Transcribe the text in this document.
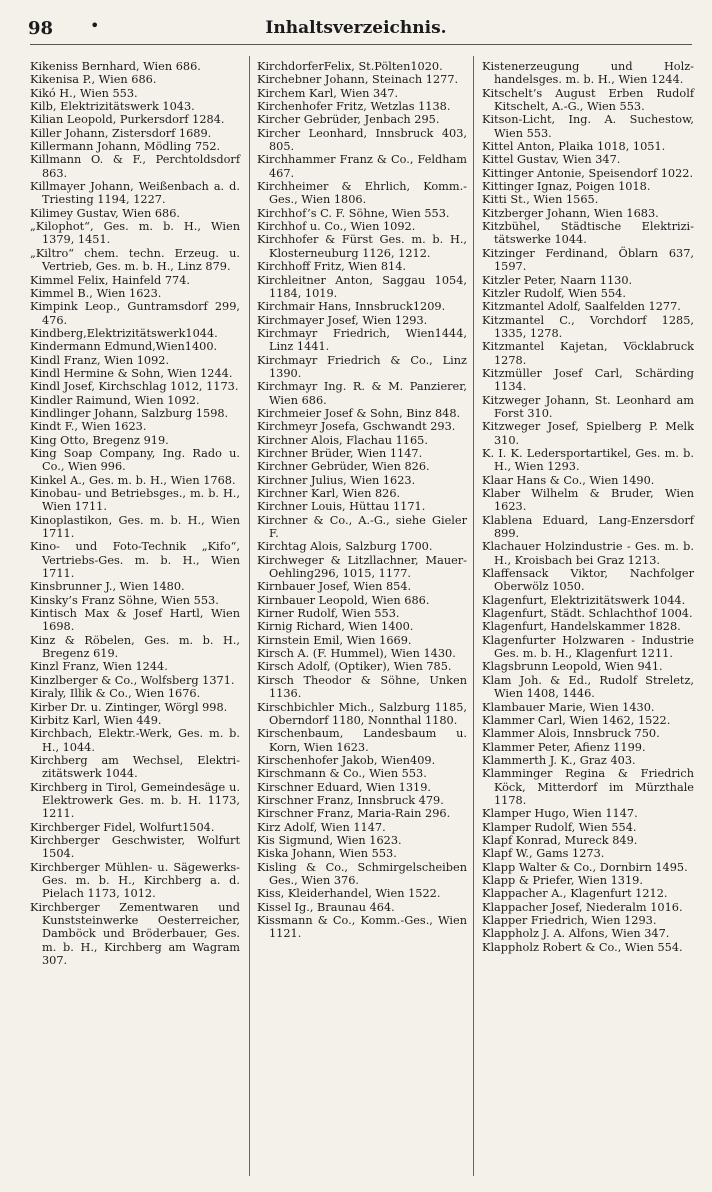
98 •	Inhaltsverzeichnis.

Kikeniss Bernhard, Wien 686.

Kikenisa P., Wien 686.

Kikó H., Wien 553.

Kilb, Elektrizitätswerk 1043.

Kilian Leopold, Purkersdorf 1284.

Killer Johann, Zistersdorf 1689.

Killermann Johann, Mödling 752.

Killmann O. & F., Perchtoldsdorf 863.

Killmayer Johann, Weißenbach a. d. Triesting 1194, 1227.

Kilimey Gustav, Wien 686.

„Kilophot“, Ges. m. b. H., Wien 1379, 1451.

„Kiltro“ chem. techn. Erzeug. u. Vertrieb, Ges. m. b. H., Linz 879.

Kimmel Felix, Hainfeld 774.

Kimmel B., Wien 1623.

Kimpink Leop., Guntramsdorf 299, 476.

Kindberg,Elektrizitätswerk1044.

Kindermann Edmund,Wien1400.

Kindl Franz, Wien 1092.

Kindl Hermine & Sohn, Wien 1244.

Kindl Josef, Kirchschlag 1012, 1173.

Kindler Raimund, Wien 1092.

Kindlinger Johann, Salzburg 1598.

Kindt F., Wien 1623.

King Otto, Bregenz 919.

King Soap Company, Ing. Rado u. Co., Wien 996.

Kinkel A., Ges. m. b. H., Wien 1768.

Kinobau- und Betriebsges., m. b. H., Wien 1711.

Kinoplastikon, Ges. m. b. H., Wien 1711.

Kino- und Foto-Technik „Kifo“, Vertriebs-Ges. m. b. H., Wien 1711.

Kinsbrunner J., Wien 1480.

Kinsky’s Franz Söhne, Wien 553.

Kintisch Max & Josef Hartl, Wien 1698.

Kinz & Röbelen, Ges. m. b. H., Bregenz 619.

Kinzl Franz, Wien 1244.

Kinzlberger & Co., Wolfsberg 1371.

Kiraly, Illik & Co., Wien 1676.

Kirber Dr. u. Zintinger, Wörgl 998.

Kirbitz Karl, Wien 449.

Kirchbach, Elektr.-Werk, Ges. m. b. H., 1044.

Kirchberg am Wechsel, Elektrizitätswerk 1044.

Kirchberg in Tirol, Gemeindesäge u. Elektrowerk Ges. m. b. H. 1173, 1211.

Kirchberger Fidel, Wolfurt1504.

Kirchberger Geschwister, Wolfurt 1504.

Kirchberger Mühlen- u. Sägewerks-Ges. m. b. H., Kirchberg a. d. Pielach 1173, 1012.

Kirchberger Zementwaren und Kunststeinwerke Oesterreicher, Damböck und Bröderbauer, Ges. m. b. H., Kirchberg am Wagram 307.

KirchdorferFelix, St.Pölten1020.

Kirchebner Johann, Steinach 1277.

Kirchem Karl, Wien 347.

Kirchenhofer Fritz, Wetzlas 1138.

Kircher Gebrüder, Jenbach 295.

Kircher Leonhard, Innsbruck 403, 805.

Kirchhammer Franz & Co., Feldham 467.

Kirchheimer & Ehrlich, Komm.-Ges., Wien 1806.

Kirchhof’s C. F. Söhne, Wien 553.

Kirchhof u. Co., Wien 1092.

Kirchhofer & Fürst Ges. m. b. H., Klosterneuburg 1126, 1212.

Kirchhoff Fritz, Wien 814.

Kirchleitner Anton, Saggau 1054, 1184, 1019.

Kirchmair Hans, Innsbruck1209.

Kirchmayer Josef, Wien 1293.

Kirchmayr Friedrich, Wien1444, Linz 1441.

Kirchmayr Friedrich & Co., Linz 1390.

Kirchmayr Ing. R. & M. Panzierer, Wien 686.

Kirchmeier Josef & Sohn, Binz 848.

Kirchmeyr Josefa, Gschwandt 293.

Kirchner Alois, Flachau 1165.

Kirchner Brüder, Wien 1147.

Kirchner Gebrüder, Wien 826.

Kirchner Julius, Wien 1623.

Kirchner Karl, Wien 826.

Kirchner Louis, Hüttau 1171.

Kirchner & Co., A.-G., siehe Gieler F.

Kirchtag Alois, Salzburg 1700.

Kirchweger & Litzllachner, Mauer-Oehling296, 1015, 1177.

Kirnbauer Josef, Wien 854.

Kirnbauer Leopold, Wien 686.

Kirner Rudolf, Wien 553.

Kirnig Richard, Wien 1400.

Kirnstein Emil, Wien 1669.

Kirsch A. (F. Hummel), Wien 1430.

Kirsch Adolf, (Optiker), Wien 785.

Kirsch Theodor & Söhne, Unken 1136.

Kirschbichler Mich., Salzburg 1185, Oberndorf 1180, Nonnthal 1180.

Kirschenbaum, Landesbaum u. Korn, Wien 1623.

Kirschenhofer Jakob, Wien409.

Kirschmann & Co., Wien 553.

Kirschner Eduard, Wien 1319.

Kirschner Franz, Innsbruck 479.

Kirschner Franz, Maria-Rain 296.

Kirz Adolf, Wien 1147.

Kis Sigmund, Wien 1623.

Kiska Johann, Wien 553.

Kisling & Co., Schmirgelscheiben Ges., Wien 376.

Kiss, Kleiderhandel, Wien 1522.

Kissel Ig., Braunau 464.

Kissmann & Co., Komm.-Ges., Wien 1121.

Kistenerzeugung und Holzhandelsges. m. b. H., Wien 1244.

Kitschelt’s August Erben Rudolf Kitschelt, A.-G., Wien 553.

Kitson-Licht, Ing. A. Suchestow, Wien 553.

Kittel Anton, Plaika 1018, 1051.

Kittel Gustav, Wien 347.

Kittinger Antonie, Speisendorf 1022.

Kittinger Ignaz, Poigen 1018.

Kitti St., Wien 1565.

Kitzberger Johann, Wien 1683.

Kitzbühel, Städtische Elektrizitätswerke 1044.

Kitzinger Ferdinand, Öblarn 637, 1597.

Kitzler Peter, Naarn 1130.

Kitzler Rudolf, Wien 554.

Kitzmantel Adolf, Saalfelden 1277.

Kitzmantel C., Vorchdorf 1285, 1335, 1278.

Kitzmantel Kajetan, Vöcklabruck 1278.

Kitzmüller Josef Carl, Schärding 1134.

Kitzweger Johann, St. Leonhard am Forst 310.

Kitzweger Josef, Spielberg P. Melk 310.

K. I. K. Ledersportartikel, Ges. m. b. H., Wien 1293.

Klaar Hans & Co., Wien 1490.

Klaber Wilhelm & Bruder, Wien 1623.

Klablena Eduard, Lang-Enzersdorf 899.

Klachauer Holzindustrie - Ges. m. b. H., Kroisbach bei Graz 1213.

Klaffensack Viktor, Nachfolger Oberwölz 1050.

Klagenfurt, Elektrizitätswerk 1044.

Klagenfurt, Städt. Schlachthof 1004.

Klagenfurt, Handelskammer 1828.

Klagenfurter Holzwaren - Industrie Ges. m. b. H., Klagenfurt 1211.

Klagsbrunn Leopold, Wien 941.

Klam Joh. & Ed., Rudolf Streletz, Wien 1408, 1446.

Klambauer Marie, Wien 1430.

Klammer Carl, Wien 1462, 1522.

Klammer Alois, Innsbruck 750.

Klammer Peter, Afienz 1199.

Klammerth J. K., Graz 403.

Klamminger Regina & Friedrich Köck, Mitterdorf im Mürzthale 1178.

Klamper Hugo, Wien 1147.

Klamper Rudolf, Wien 554.

Klapf Konrad, Mureck 849.

Klapf W., Gams 1273.

Klapp Walter & Co., Dornbirn 1495.

Klapp & Priefer, Wien 1319.

Klappacher A., Klagenfurt 1212.

Klappacher Josef, Niederalm 1016.

Klapper Friedrich, Wien 1293.

Klappholz J. A. Alfons, Wien 347.

Klappholz Robert & Co., Wien 554.
